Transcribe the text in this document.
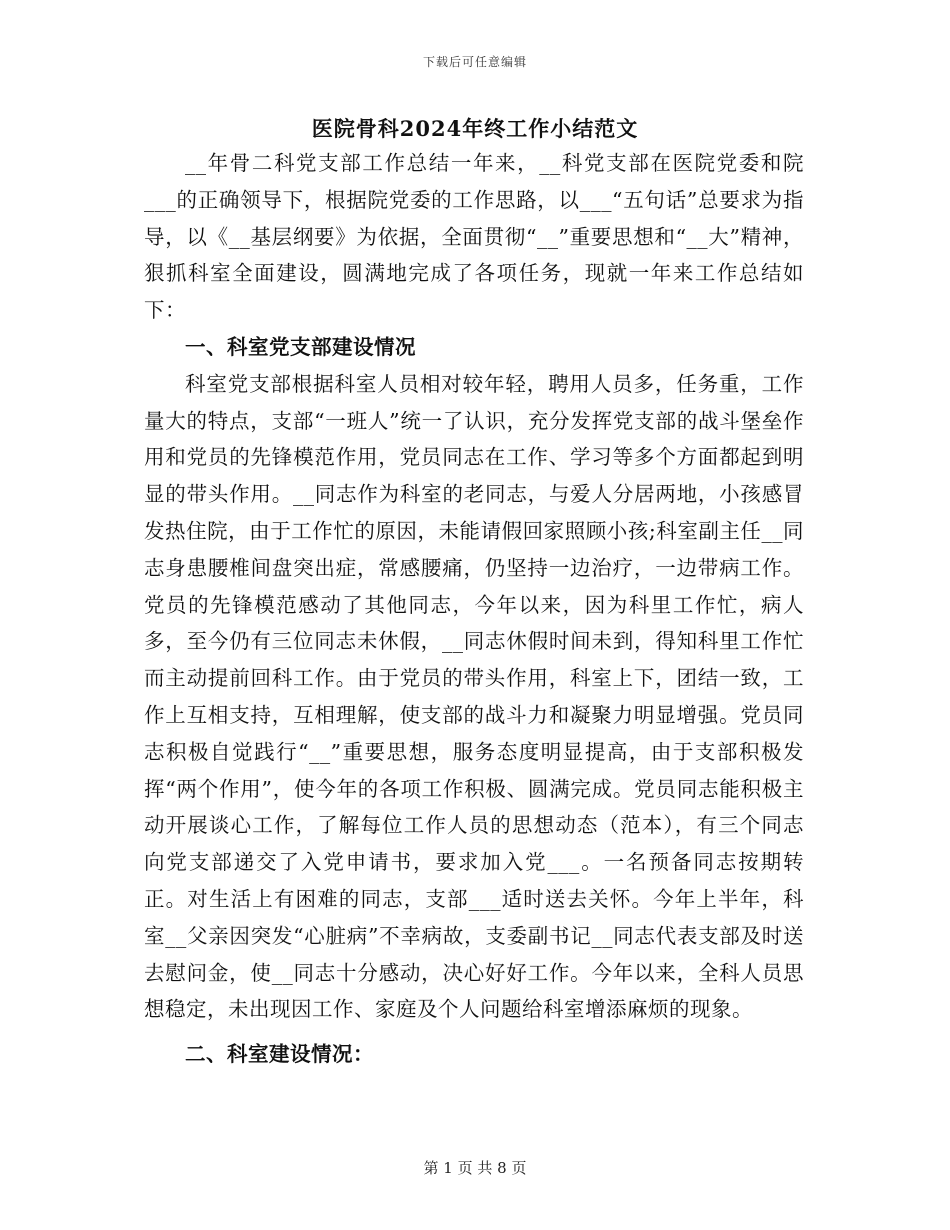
下载后可任意编辑
医院骨科2024年终工作小结范文

__年骨二科党支部工作总结一年来，__科党支部在医院党委和院___的正确领导下，根据院党委的工作思路，以___“五句话”总要求为指导，以《__基层纲要》为依据，全面贯彻“__”重要思想和“__大”精神，狠抓科室全面建设，圆满地完成了各项任务，现就一年来工作总结如下：

一、科室党支部建设情况

科室党支部根据科室人员相对较年轻，聘用人员多，任务重，工作量大的特点，支部“一班人”统一了认识，充分发挥党支部的战斗堡垒作用和党员的先锋模范作用，党员同志在工作、学习等多个方面都起到明显的带头作用。__同志作为科室的老同志，与爱人分居两地，小孩感冒发热住院，由于工作忙的原因，未能请假回家照顾小孩;科室副主任__同志身患腰椎间盘突出症，常感腰痛，仍坚持一边治疗，一边带病工作。党员的先锋模范感动了其他同志，今年以来，因为科里工作忙，病人多，至今仍有三位同志未休假，__同志休假时间未到，得知科里工作忙而主动提前回科工作。由于党员的带头作用，科室上下，团结一致，工作上互相支持，互相理解，使支部的战斗力和凝聚力明显增强。党员同志积极自觉践行“__”重要思想，服务态度明显提高，由于支部积极发挥“两个作用”，使今年的各项工作积极、圆满完成。党员同志能积极主动开展谈心工作，了解每位工作人员的思想动态（范本），有三个同志向党支部递交了入党申请书，要求加入党___。一名预备同志按期转正。对生活上有困难的同志，支部___适时送去关怀。今年上半年，科室__父亲因突发“心脏病”不幸病故，支委副书记__同志代表支部及时送去慰问金，使__同志十分感动，决心好好工作。今年以来，全科人员思想稳定，未出现因工作、家庭及个人问题给科室增添麻烦的现象。

二、科室建设情况：
第 1 页 共 8 页
